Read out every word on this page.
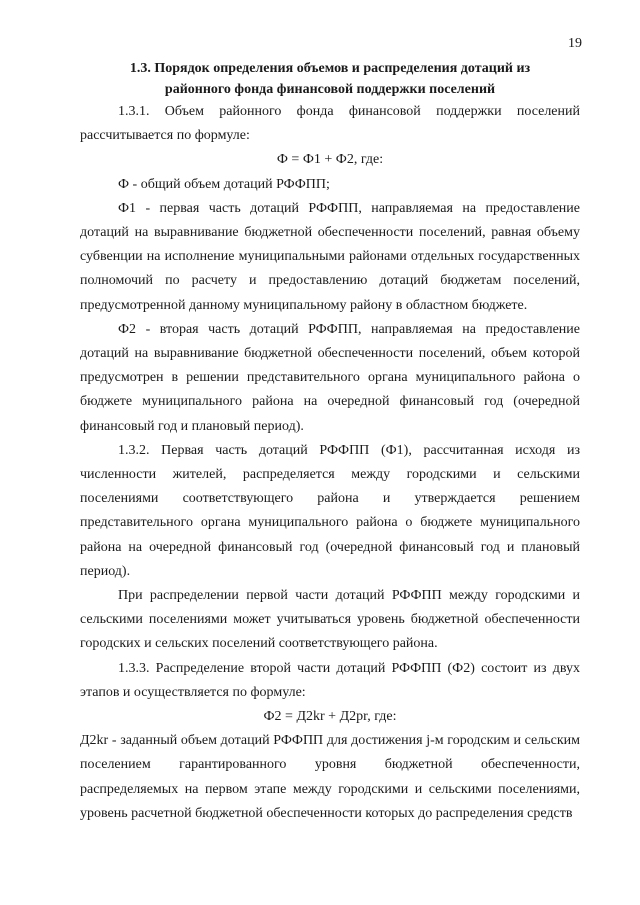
19
1.3. Порядок определения объемов и распределения дотаций из
районного фонда финансовой поддержки поселений

1.3.1. Объем районного фонда финансовой поддержки поселений рассчитывается по формуле:

Ф = Ф1 + Ф2, где:

Ф - общий объем дотаций РФФПП;

Ф1 - первая часть дотаций РФФПП, направляемая на предоставление дотаций на выравнивание бюджетной обеспеченности поселений, равная объему субвенции на исполнение муниципальными районами отдельных государственных полномочий по расчету и предоставлению дотаций бюджетам поселений, предусмотренной данному муниципальному району в областном бюджете.

Ф2 - вторая часть дотаций РФФПП, направляемая на предоставление дотаций на выравнивание бюджетной обеспеченности поселений, объем которой предусмотрен в решении представительного органа муниципального района о бюджете муниципального района на очередной финансовый год (очередной финансовый год и плановый период).

1.3.2. Первая часть дотаций РФФПП (Ф1), рассчитанная исходя из численности жителей, распределяется между городскими и сельскими поселениями соответствующего района и утверждается решением представительного органа муниципального района о бюджете муниципального района на очередной финансовый год (очередной финансовый год и плановый период).

При распределении первой части дотаций РФФПП между городскими и сельскими поселениями может учитываться уровень бюджетной обеспеченности городских и сельских поселений соответствующего района.

1.3.3. Распределение второй части дотаций РФФПП (Ф2) состоит из двух этапов и осуществляется по формуле:

Ф2 = Д2kr + Д2pr, где:

Д2kr - заданный объем дотаций РФФПП для достижения j-м городским и сельским поселением гарантированного уровня бюджетной обеспеченности, распределяемых на первом этапе между городскими и сельскими поселениями, уровень расчетной бюджетной обеспеченности которых до распределения средств
